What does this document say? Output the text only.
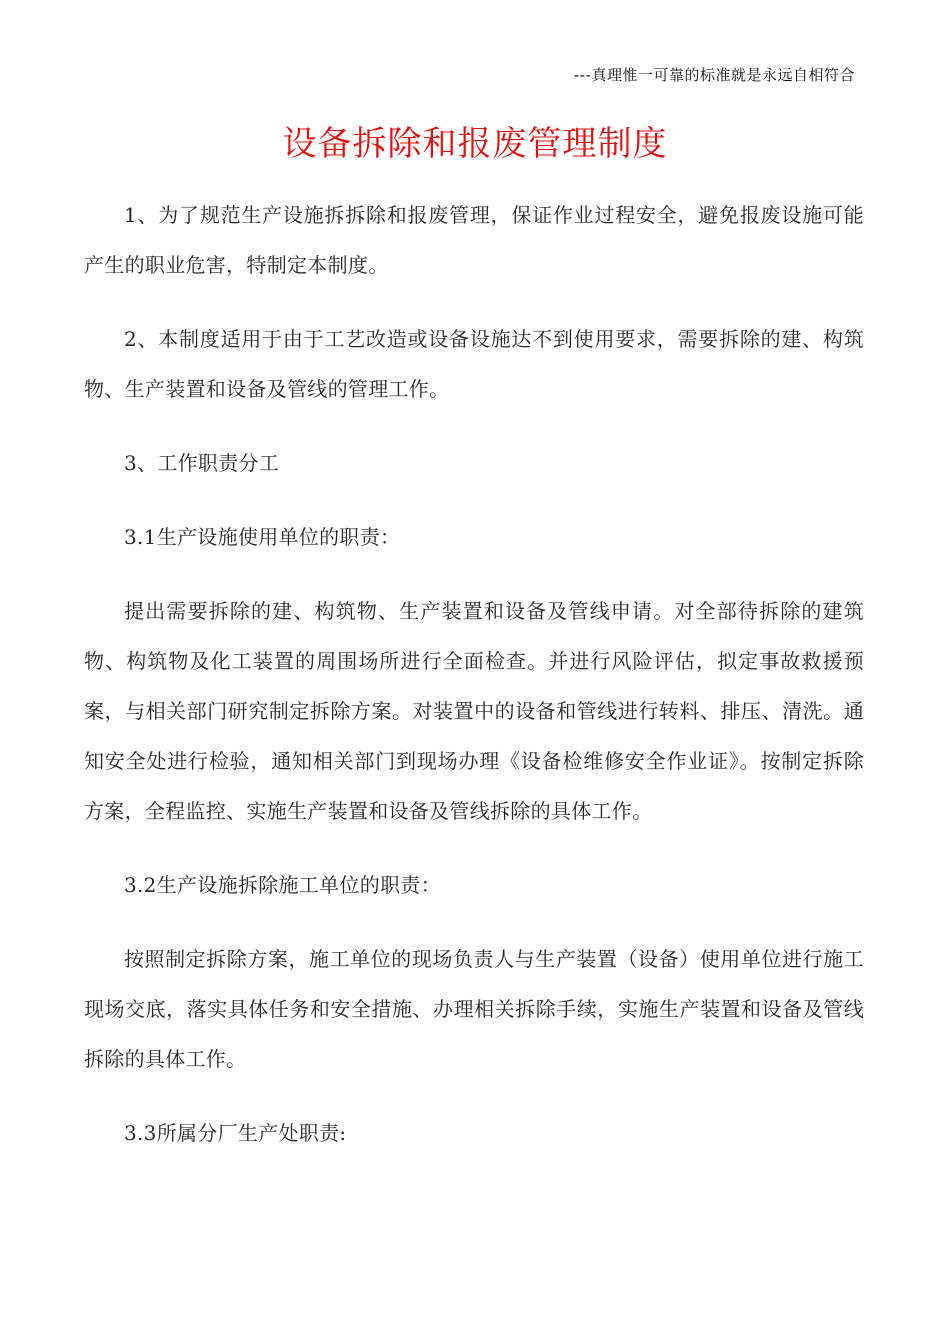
---真理惟一可靠的标准就是永远自相符合
设备拆除和报废管理制度

1、为了规范生产设施拆拆除和报废管理，保证作业过程安全，避免报废设施可能产生的职业危害，特制定本制度。

2、本制度适用于由于工艺改造或设备设施达不到使用要求，需要拆除的建、构筑物、生产装置和设备及管线的管理工作。

3、工作职责分工

3.1生产设施使用单位的职责：

提出需要拆除的建、构筑物、生产装置和设备及管线申请。对全部待拆除的建筑物、构筑物及化工装置的周围场所进行全面检查。并进行风险评估，拟定事故救援预案，与相关部门研究制定拆除方案。对装置中的设备和管线进行转料、排压、清洗。通知安全处进行检验，通知相关部门到现场办理《设备检维修安全作业证》。按制定拆除方案，全程监控、实施生产装置和设备及管线拆除的具体工作。

3.2生产设施拆除施工单位的职责：

按照制定拆除方案，施工单位的现场负责人与生产装置（设备）使用单位进行施工现场交底，落实具体任务和安全措施、办理相关拆除手续，实施生产装置和设备及管线拆除的具体工作。

3.3所属分厂生产处职责:
